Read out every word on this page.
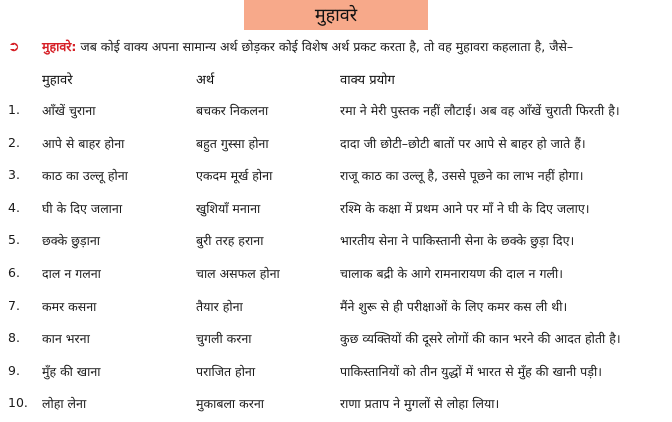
मुहावरे
➲	मुहावरे: जब कोई वाक्य अपना सामान्य अर्थ छोड़कर कोई विशेष अर्थ प्रकट करता है, तो वह मुहावरा कहलाता है, जैसे–
मुहावरे	अर्थ	वाक्य प्रयोग
1. आँखें चुराना	बचकर निकलना	रमा ने मेरी पुस्तक नहीं लौटाई। अब वह आँखें चुराती फिरती है।
2. आपे से बाहर होना	बहुत गुस्सा होना	दादा जी छोटी–छोटी बातों पर आपे से बाहर हो जाते हैं।
3. काठ का उल्लू होना	एकदम मूर्ख होना	राजू काठ का उल्लू है, उससे पूछने का लाभ नहीं होगा।
4. घी के दिए जलाना	खुशियाँ मनाना	रश्मि के कक्षा में प्रथम आने पर माँ ने घी के दिए जलाए।
5. छक्के छुड़ाना	बुरी तरह हराना	भारतीय सेना ने पाकिस्तानी सेना के छक्के छुड़ा दिए।
6. दाल न गलना	चाल असफल होना	चालाक बद्री के आगे रामनारायण की दाल न गली।
7. कमर कसना	तैयार होना	मैंने शुरू से ही परीक्षाओं के लिए कमर कस ली थी।
8. कान भरना	चुगली करना	कुछ व्यक्तियों की दूसरे लोगों की कान भरने की आदत होती है।
9. मुँह की खाना	पराजित होना	पाकिस्तानियों को तीन युद्धों में भारत से मुँह की खानी पड़ी।
10. लोहा लेना	मुकाबला करना	राणा प्रताप ने मुगलों से लोहा लिया।
